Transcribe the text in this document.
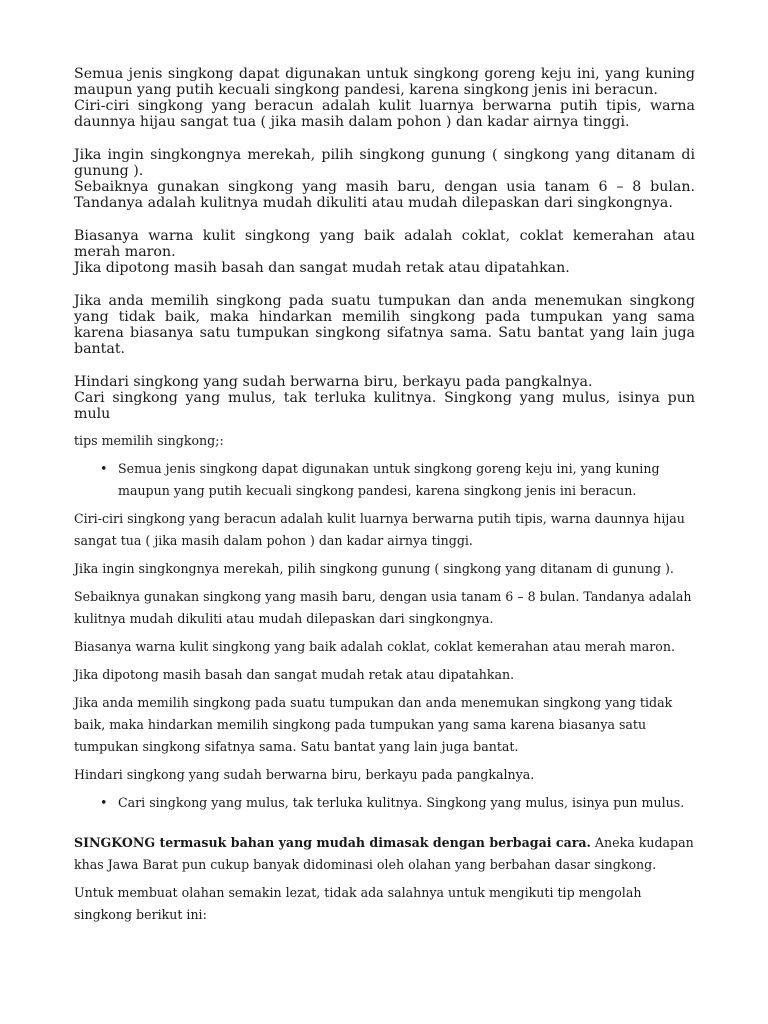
Semua jenis singkong dapat digunakan untuk singkong goreng keju ini, yang kuning maupun yang putih kecuali singkong pandesi, karena singkong jenis ini beracun.

Ciri-ciri singkong yang beracun adalah kulit luarnya berwarna putih tipis, warna daunnya hijau sangat tua ( jika masih dalam pohon ) dan kadar airnya tinggi.

Jika ingin singkongnya merekah, pilih singkong gunung ( singkong yang ditanam di gunung ).

Sebaiknya gunakan singkong yang masih baru, dengan usia tanam 6 – 8 bulan. Tandanya adalah kulitnya mudah dikuliti atau mudah dilepaskan dari singkongnya.

Biasanya warna kulit singkong yang baik adalah coklat, coklat kemerahan atau merah maron.

Jika dipotong masih basah dan sangat mudah retak atau dipatahkan.

Jika anda memilih singkong pada suatu tumpukan dan anda menemukan singkong yang tidak baik, maka hindarkan memilih singkong pada tumpukan yang sama karena biasanya satu tumpukan singkong sifatnya sama. Satu bantat yang lain juga bantat.

Hindari singkong yang sudah berwarna biru, berkayu pada pangkalnya.

Cari singkong yang mulus, tak terluka kulitnya. Singkong yang mulus, isinya pun mulu

tips memilih singkong;:

• Semua jenis singkong dapat digunakan untuk singkong goreng keju ini, yang kuning maupun yang putih kecuali singkong pandesi, karena singkong jenis ini beracun.

Ciri-ciri singkong yang beracun adalah kulit luarnya berwarna putih tipis, warna daunnya hijau sangat tua ( jika masih dalam pohon ) dan kadar airnya tinggi.

Jika ingin singkongnya merekah, pilih singkong gunung ( singkong yang ditanam di gunung ).

Sebaiknya gunakan singkong yang masih baru, dengan usia tanam 6 – 8 bulan. Tandanya adalah kulitnya mudah dikuliti atau mudah dilepaskan dari singkongnya.

Biasanya warna kulit singkong yang baik adalah coklat, coklat kemerahan atau merah maron.

Jika dipotong masih basah dan sangat mudah retak atau dipatahkan.

Jika anda memilih singkong pada suatu tumpukan dan anda menemukan singkong yang tidak baik, maka hindarkan memilih singkong pada tumpukan yang sama karena biasanya satu tumpukan singkong sifatnya sama. Satu bantat yang lain juga bantat.

Hindari singkong yang sudah berwarna biru, berkayu pada pangkalnya.

• Cari singkong yang mulus, tak terluka kulitnya. Singkong yang mulus, isinya pun mulus.

SINGKONG termasuk bahan yang mudah dimasak dengan berbagai cara. Aneka kudapan khas Jawa Barat pun cukup banyak didominasi oleh olahan yang berbahan dasar singkong.

Untuk membuat olahan semakin lezat, tidak ada salahnya untuk mengikuti tip mengolah singkong berikut ini:
